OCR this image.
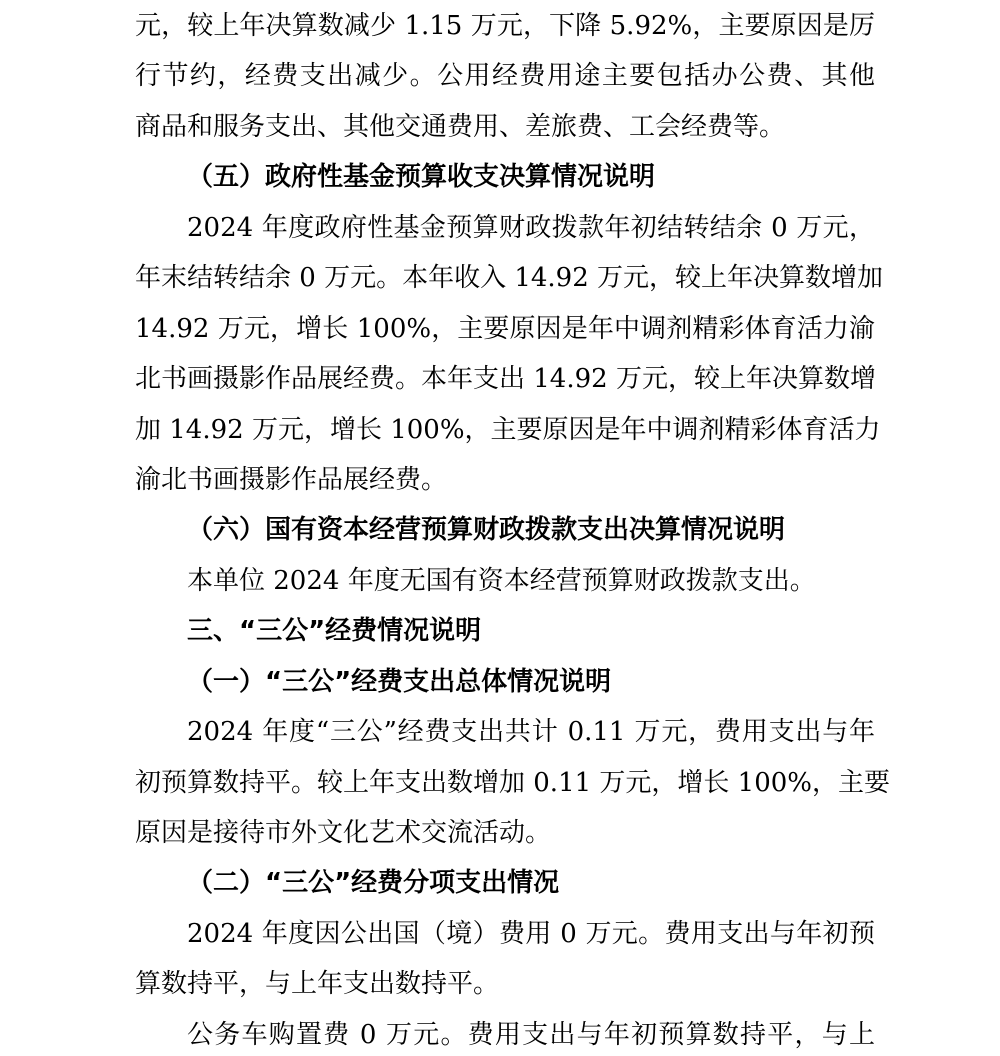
元，较上年决算数减少 1.15 万元，下降 5.92%，主要原因是厉
行节约，经费支出减少。公用经费用途主要包括办公费、其他
商品和服务支出、其他交通费用、差旅费、工会经费等。
（五）政府性基金预算收支决算情况说明
2024 年度政府性基金预算财政拨款年初结转结余 0 万元，
年末结转结余 0 万元。本年收入 14.92 万元，较上年决算数增加
14.92 万元，增长 100%，主要原因是年中调剂精彩体育活力渝
北书画摄影作品展经费。本年支出 14.92 万元，较上年决算数增
加 14.92 万元，增长 100%，主要原因是年中调剂精彩体育活力
渝北书画摄影作品展经费。
（六）国有资本经营预算财政拨款支出决算情况说明
本单位 2024 年度无国有资本经营预算财政拨款支出。
三、“三公”经费情况说明
（一）“三公”经费支出总体情况说明
2024 年度“三公”经费支出共计 0.11 万元，费用支出与年
初预算数持平。较上年支出数增加 0.11 万元，增长 100%，主要
原因是接待市外文化艺术交流活动。
（二）“三公”经费分项支出情况
2024 年度因公出国（境）费用 0 万元。费用支出与年初预
算数持平，与上年支出数持平。
公务车购置费 0 万元。费用支出与年初预算数持平，与上
